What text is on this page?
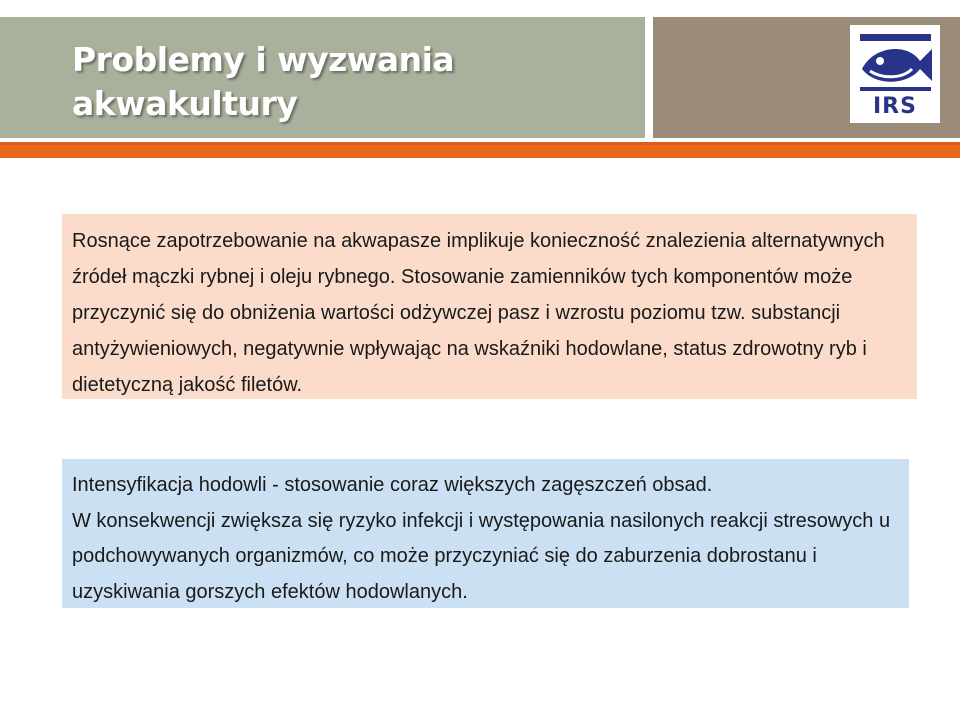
Problemy i wyzwania
akwakultury	IRS

Rosnące zapotrzebowanie na akwapasze implikuje konieczność znalezienia alternatywnych źródeł mączki rybnej i oleju rybnego. Stosowanie zamienników tych komponentów może przyczynić się do obniżenia wartości odżywczej pasz i wzrostu poziomu tzw. substancji antyżywieniowych, negatywnie wpływając na wskaźniki hodowlane, status zdrowotny ryb i dietetyczną jakość filetów.

Intensyfikacja hodowli - stosowanie coraz większych zagęszczeń obsad.

W konsekwencji zwiększa się ryzyko infekcji i występowania nasilonych reakcji stresowych u podchowywanych organizmów, co może przyczyniać się do zaburzenia dobrostanu i uzyskiwania gorszych efektów hodowlanych.
